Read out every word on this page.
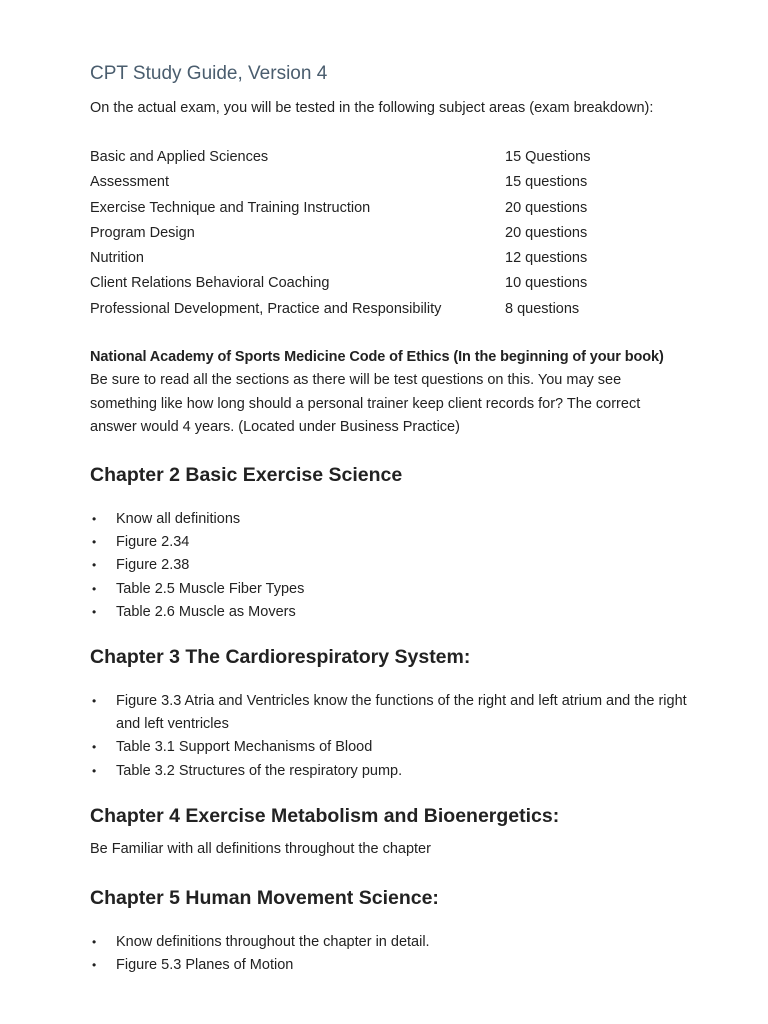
CPT Study Guide, Version 4

On the actual exam, you will be tested in the following subject areas (exam breakdown):

Basic and Applied Sciences	15 Questions
Assessment	15 questions
Exercise Technique and Training Instruction	20 questions
Program Design	20 questions
Nutrition	12 questions
Client Relations Behavioral Coaching	10 questions
Professional Development, Practice and Responsibility	8 questions
National Academy of Sports Medicine Code of Ethics (In the beginning of your book)
Be sure to read all the sections as there will be test questions on this. You may see something like how long should a personal trainer keep client records for? The correct answer would 4 years. (Located under Business Practice)
Chapter 2 Basic Exercise Science
• Know all definitions
• Figure 2.34
• Figure 2.38
• Table 2.5 Muscle Fiber Types
• Table 2.6 Muscle as Movers
Chapter 3 The Cardiorespiratory System:
• Figure 3.3 Atria and Ventricles know the functions of the right and left atrium and the right and left ventricles
• Table 3.1 Support Mechanisms of Blood
• Table 3.2 Structures of the respiratory pump.
Chapter 4 Exercise Metabolism and Bioenergetics:

Be Familiar with all definitions throughout the chapter

Chapter 5 Human Movement Science:
• Know definitions throughout the chapter in detail.
• Figure 5.3 Planes of Motion
